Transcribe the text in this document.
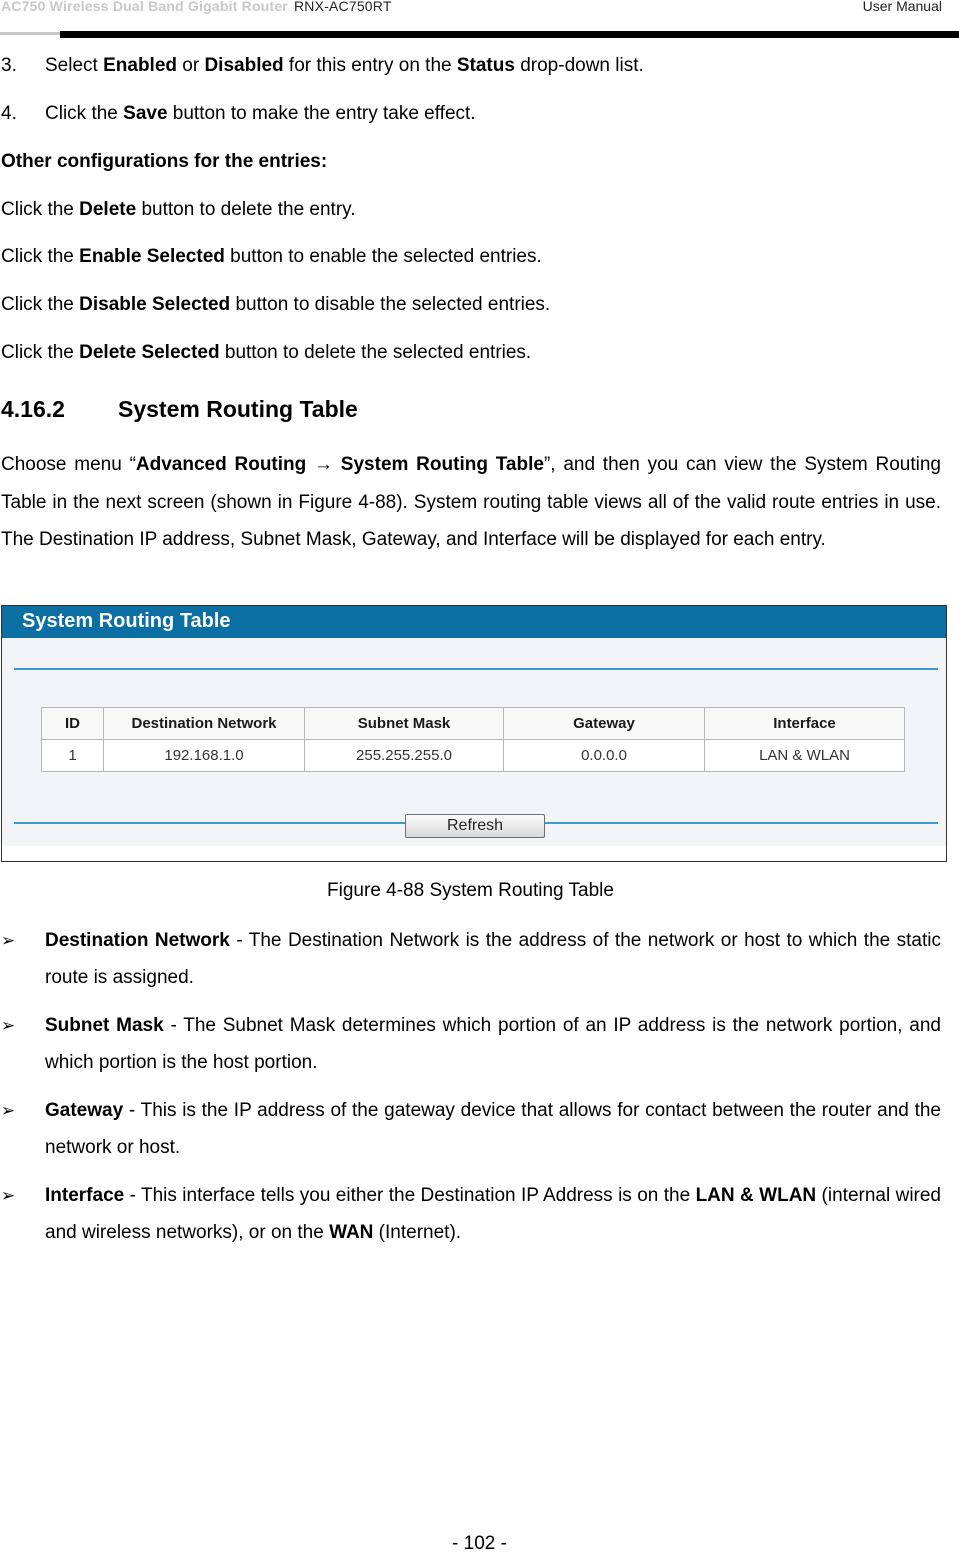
AC750 Wireless Dual Band Gigabit Router RNX-AC750RT	User Manual
3. Select Enabled or Disabled for this entry on the Status drop-down list.
4. Click the Save button to make the entry take effect.
Other configurations for the entries:
Click the Delete button to delete the entry.
Click the Enable Selected button to enable the selected entries.
Click the Disable Selected button to disable the selected entries.
Click the Delete Selected button to delete the selected entries.
4.16.2 System Routing Table
Choose menu “Advanced Routing → System Routing Table”, and then you can view the System Routing Table in the next screen (shown in Figure 4-88). System routing table views all of the valid route entries in use. The Destination IP address, Subnet Mask, Gateway, and Interface will be displayed for each entry.
System Routing Table
ID	Destination Network	Subnet Mask	Gateway	Interface
1	192.168.1.0	255.255.255.0	0.0.0.0	LAN & WLAN
Refresh
Figure 4-88 System Routing Table
➢ Destination Network - The Destination Network is the address of the network or host to which the static route is assigned.
➢ Subnet Mask - The Subnet Mask determines which portion of an IP address is the network portion, and which portion is the host portion.
➢ Gateway - This is the IP address of the gateway device that allows for contact between the router and the network or host.
➢ Interface - This interface tells you either the Destination IP Address is on the LAN & WLAN (internal wired and wireless networks), or on the WAN (Internet).
- 102 -
